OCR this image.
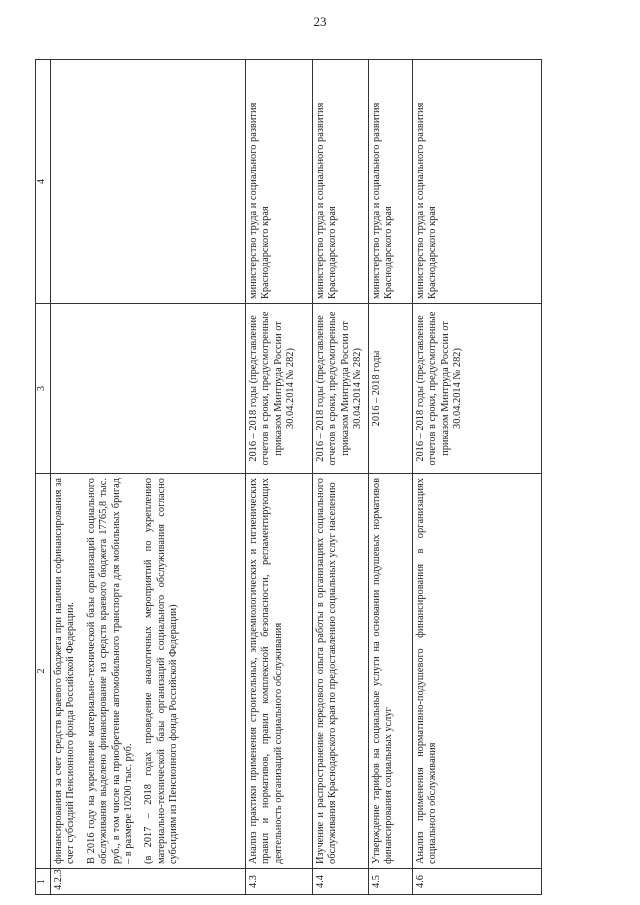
23
1	2	3	4
4.2.3	финансирования за счет средств краевого бюджета при наличии софинансирования за счет субсидий Пенсионного фонда Российской Федерации. В 2016 году на укрепление материально-технической базы организаций социального обслуживания выделено финансирование из средств краевого бюджета 17765,8 тыс. руб., в том числе на приобретение автомобильного транспорта для мобильных бригад – в размере 10200 тыс. руб. (в 2017 – 2018 годах проведение аналогичных мероприятий по укреплению материально-технической базы организаций социального обслуживания согласно субсидиям из Пенсионного фонда Российской Федерации)		

4.3	Анализ практики применения строительных, эпидемиологических и гигиенических правил и нормативов, правил комплексной безопасности, регламентирующих деятельность организаций социального обслуживания	2016 – 2018 годы (представление отчетов в сроки, предусмотренные приказом Минтруда России от 30.04.2014 № 282)	министерство труда и социального развития Краснодарского края
4.4	Изучение и распространение передового опыта работы в организациях социального обслуживания Краснодарского края по предоставлению социальных услуг населению	2016 – 2018 годы (представление отчетов в сроки, предусмотренные приказом Минтруда России от 30.04.2014 № 282)	министерство труда и социального развития Краснодарского края
4.5	Утверждение тарифов на социальные услуги на основании подушевых нормативов финансирования социальных услуг	2016 – 2018 годы	министерство труда и социального развития Краснодарского края
4.6	Анализ применения нормативно-подушевого финансирования в организациях социального обслуживания	2016 – 2018 годы (представление отчетов в сроки, предусмотренные приказом Минтруда России от 30.04.2014 № 282)	министерство труда и социального развития Краснодарского края
